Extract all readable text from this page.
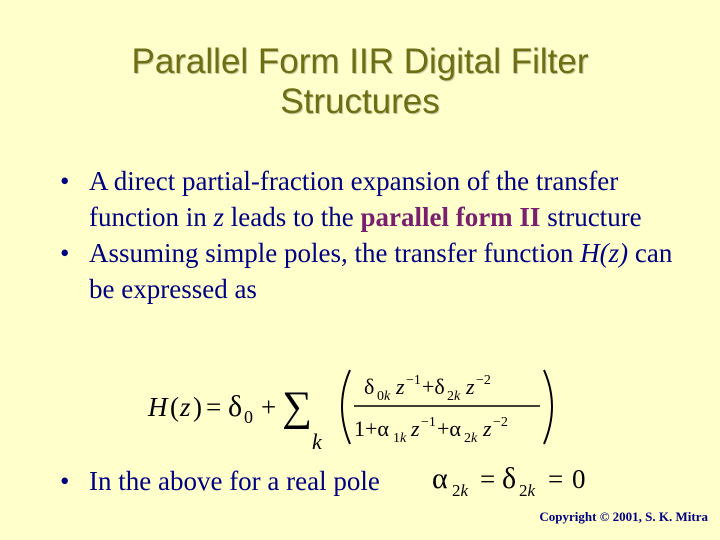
Parallel Form IIR Digital Filter
Structures

• A direct partial-fraction expansion of the transfer function in z leads to the parallel form II structure

• Assuming simple poles, the transfer function H(z) can be expressed as

H ( z ) = δ 0 + ∑
k
δ 0k z −1 +δ 2k z −2
1+α 1k z −1 +α 2k z −2
• In the above for a real pole α 2k = δ 2k = 0
Copyright © 2001, S. K. Mitra
